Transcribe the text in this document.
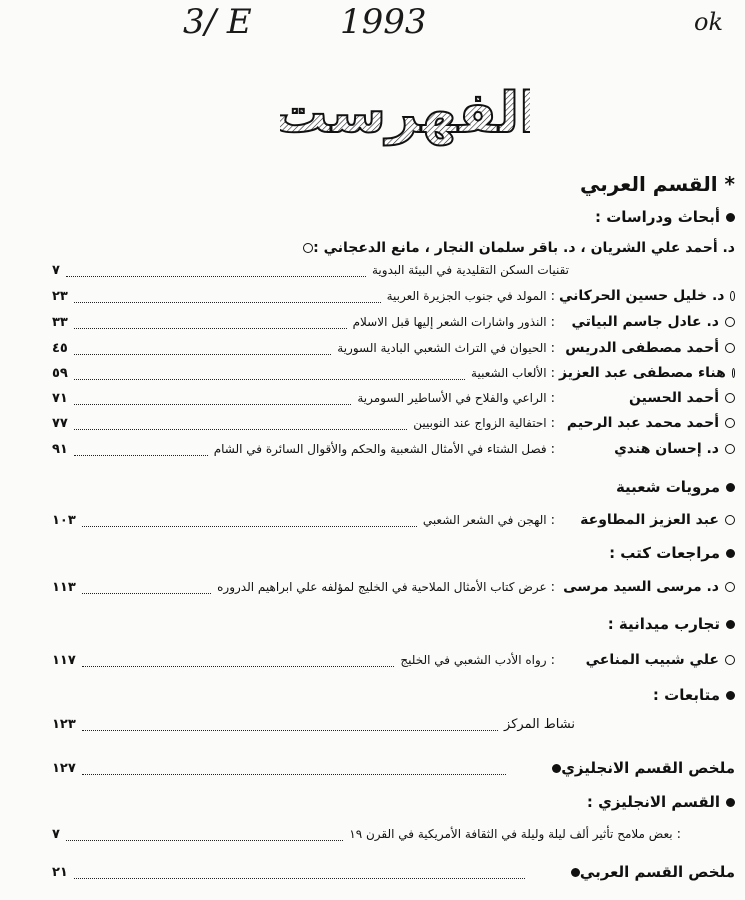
3/ E	1993	ok
الفهرست
* القسم العربي
أبحاث ودراسات :
د. أحمد علي الشريان ، د. باقر سلمان النجار ، مانع الدعجاني :
تقنيات السكن التقليدية في البيئة البدوية
٧
د. خليل حسين الحركاني
:
المولد في جنوب الجزيرة العربية
٢٣
د. عادل جاسم البياتي
:
النذور واشارات الشعر إليها قبل الاسلام
٣٣
أحمد مصطفى الدريس
:
الحيوان في التراث الشعبي البادية السورية
٤٥
هناء مصطفى عبد العزيز
:
الألعاب الشعبية
٥٩
أحمد الحسين
:
الراعي والفلاح في الأساطير السومرية
٧١
أحمد محمد عبد الرحيم
:
احتفالية الزواج عند النوبيين
٧٧
د. إحسان هندي
:
فصل الشتاء في الأمثال الشعبية والحكم والأقوال السائرة في الشام
٩١
مرويات شعبية
عبد العزيز المطاوعة
:
الهجن في الشعر الشعبي
١٠٣
مراجعات كتب :
د. مرسى السيد مرسى
:
عرض كتاب الأمثال الملاحية في الخليج لمؤلفه علي ابراهيم الدروره
١١٣
تجارب ميدانية :
علي شبيب المناعي
:
رواه الأدب الشعبي في الخليج
١١٧
متابعات :
نشاط المركز
١٢٣
ملخص القسم الانجليزي
١٢٧
القسم الانجليزي :
:
بعض ملامح تأثير ألف ليلة وليلة في الثقافة الأمريكية في القرن ١٩
٧
ملخص القسم العربي
٢١
